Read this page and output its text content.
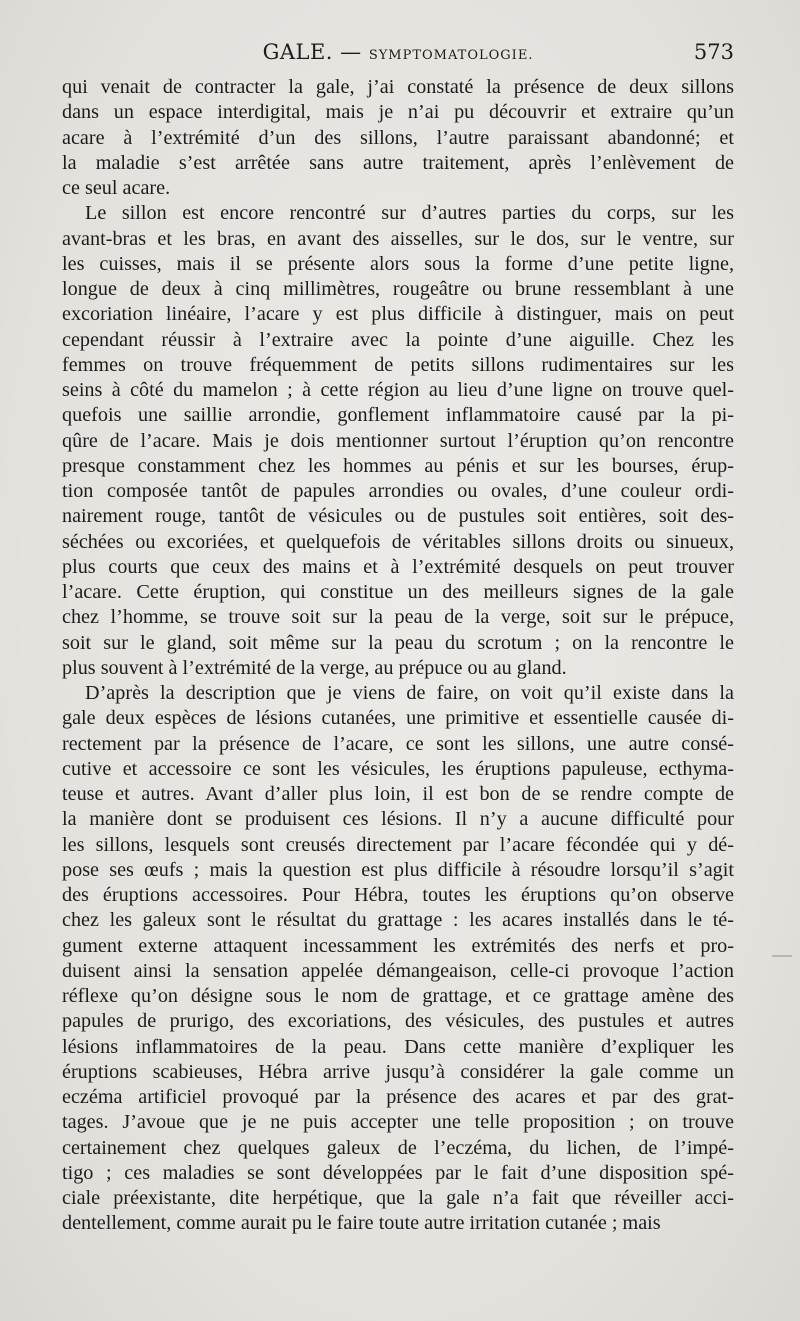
GALE. — SYMPTOMATOLOGIE.	573
qui venait de contracter la gale, j’ai constaté la présence de deux sillons
dans un espace interdigital, mais je n’ai pu découvrir et extraire qu’un
acare à l’extrémité d’un des sillons, l’autre paraissant abandonné; et
la maladie s’est arrêtée sans autre traitement, après l’enlèvement de
ce seul acare.
Le sillon est encore rencontré sur d’autres parties du corps, sur les
avant-bras et les bras, en avant des aisselles, sur le dos, sur le ventre, sur
les cuisses, mais il se présente alors sous la forme d’une petite ligne,
longue de deux à cinq millimètres, rougeâtre ou brune ressemblant à une
excoriation linéaire, l’acare y est plus difficile à distinguer, mais on peut
cependant réussir à l’extraire avec la pointe d’une aiguille. Chez les
femmes on trouve fréquemment de petits sillons rudimentaires sur les
seins à côté du mamelon ; à cette région au lieu d’une ligne on trouve quel-
quefois une saillie arrondie, gonflement inflammatoire causé par la pi-
qûre de l’acare. Mais je dois mentionner surtout l’éruption qu’on rencontre
presque constamment chez les hommes au pénis et sur les bourses, érup-
tion composée tantôt de papules arrondies ou ovales, d’une couleur ordi-
nairement rouge, tantôt de vésicules ou de pustules soit entières, soit des-
séchées ou excoriées, et quelquefois de véritables sillons droits ou sinueux,
plus courts que ceux des mains et à l’extrémité desquels on peut trouver
l’acare. Cette éruption, qui constitue un des meilleurs signes de la gale
chez l’homme, se trouve soit sur la peau de la verge, soit sur le prépuce,
soit sur le gland, soit même sur la peau du scrotum ; on la rencontre le
plus souvent à l’extrémité de la verge, au prépuce ou au gland.
D’après la description que je viens de faire, on voit qu’il existe dans la
gale deux espèces de lésions cutanées, une primitive et essentielle causée di-
rectement par la présence de l’acare, ce sont les sillons, une autre consé-
cutive et accessoire ce sont les vésicules, les éruptions papuleuse, ecthyma-
teuse et autres. Avant d’aller plus loin, il est bon de se rendre compte de
la manière dont se produisent ces lésions. Il n’y a aucune difficulté pour
les sillons, lesquels sont creusés directement par l’acare fécondée qui y dé-
pose ses œufs ; mais la question est plus difficile à résoudre lorsqu’il s’agit
des éruptions accessoires. Pour Hébra, toutes les éruptions qu’on observe
chez les galeux sont le résultat du grattage : les acares installés dans le té-
gument externe attaquent incessamment les extrémités des nerfs et pro-
duisent ainsi la sensation appelée démangeaison, celle-ci provoque l’action
réflexe qu’on désigne sous le nom de grattage, et ce grattage amène des
papules de prurigo, des excoriations, des vésicules, des pustules et autres
lésions inflammatoires de la peau. Dans cette manière d’expliquer les
éruptions scabieuses, Hébra arrive jusqu’à considérer la gale comme un
eczéma artificiel provoqué par la présence des acares et par des grat-
tages. J’avoue que je ne puis accepter une telle proposition ; on trouve
certainement chez quelques galeux de l’eczéma, du lichen, de l’impé-
tigo ; ces maladies se sont développées par le fait d’une disposition spé-
ciale préexistante, dite herpétique, que la gale n’a fait que réveiller acci-
dentellement, comme aurait pu le faire toute autre irritation cutanée ; mais
